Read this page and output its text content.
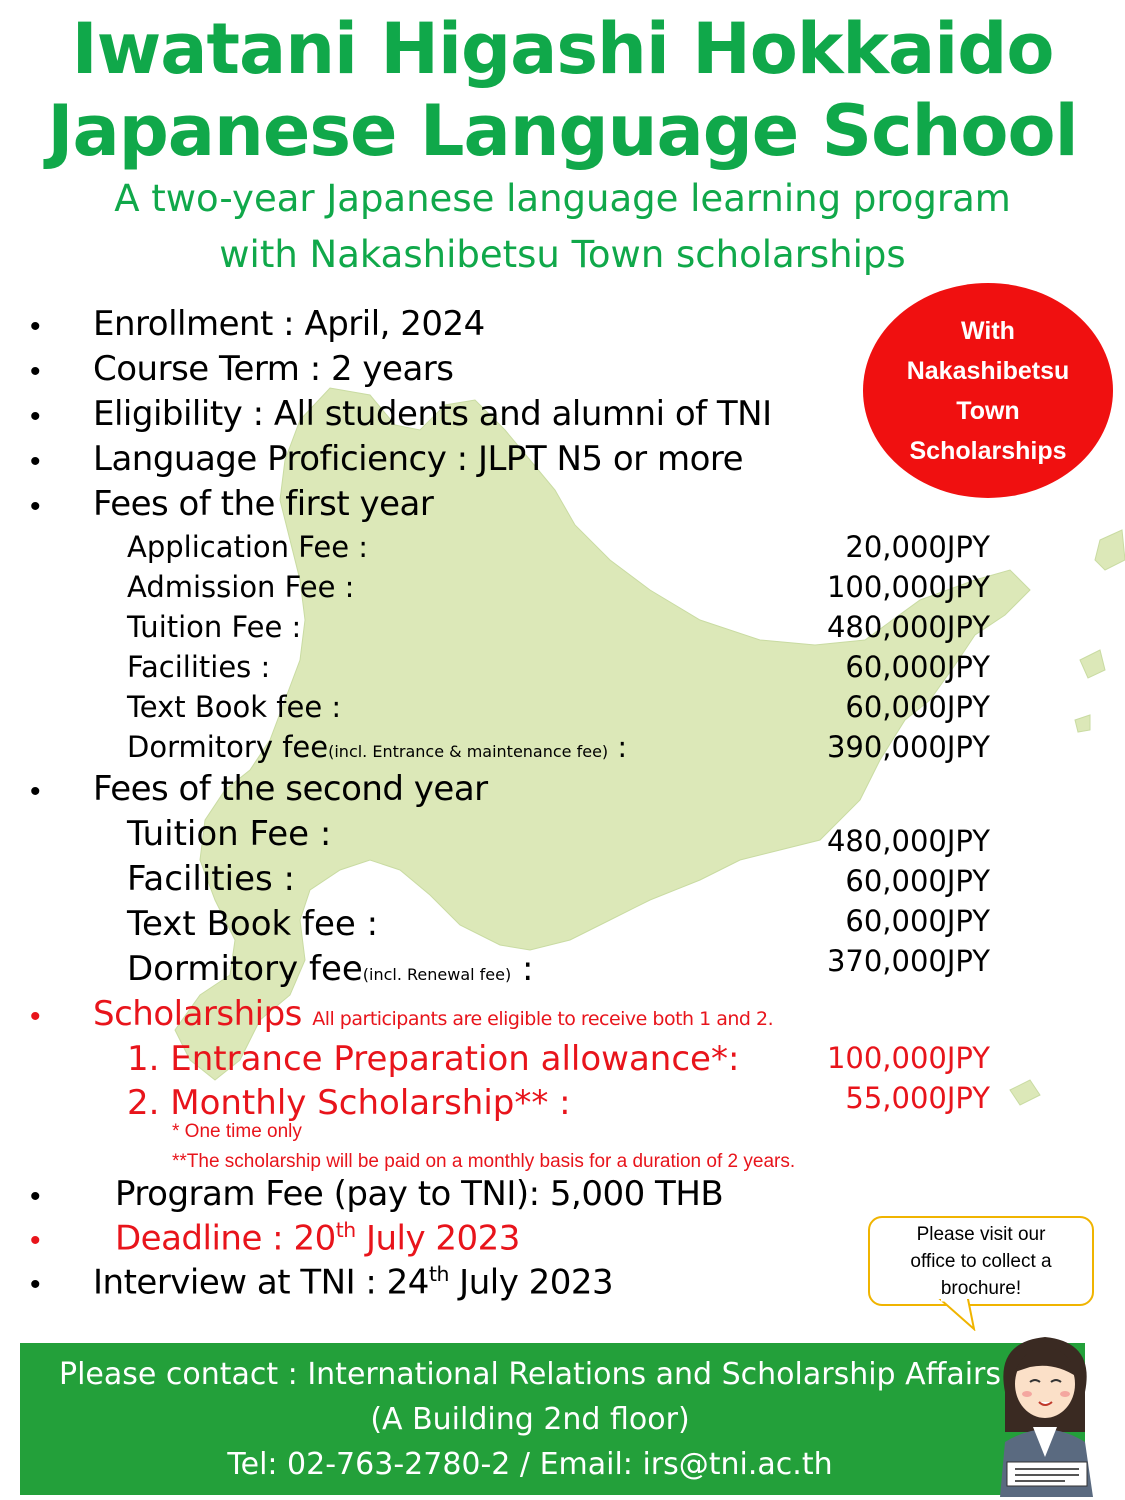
Iwatani Higashi Hokkaido
Japanese Language School
A two-year Japanese language learning program
with Nakashibetsu Town scholarships
With
Nakashibetsu
Town
Scholarships
• Enrollment : April, 2024
• Course Term : 2 years
• Eligibility : All students and alumni of TNI
• Language Proficiency : JLPT N5 or more
• Fees of the first year
Application Fee :	20,000JPY
Admission Fee :	100,000JPY
Tuition Fee :	480,000JPY
Facilities :	60,000JPY
Text Book fee :	60,000JPY
Dormitory fee(incl. Entrance & maintenance fee) :	390,000JPY
• Fees of the second year
Tuition Fee :	480,000JPY
Facilities :	60,000JPY
Text Book fee :	60,000JPY
Dormitory fee(incl. Renewal fee) :	370,000JPY
• Scholarships All participants are eligible to receive both 1 and 2.
1. Entrance Preparation allowance*:	100,000JPY
2. Monthly Scholarship** :	55,000JPY
* One time only
**The scholarship will be paid on a monthly basis for a duration of 2 years.
• Program Fee (pay to TNI): 5,000 THB
• Deadline : 20th July 2023
• Interview at TNI : 24th July 2023
Please visit our
office to collect a
brochure!
Please contact : International Relations and Scholarship Affairs
(A Building 2nd floor)
Tel: 02-763-2780-2 / Email: irs@tni.ac.th
